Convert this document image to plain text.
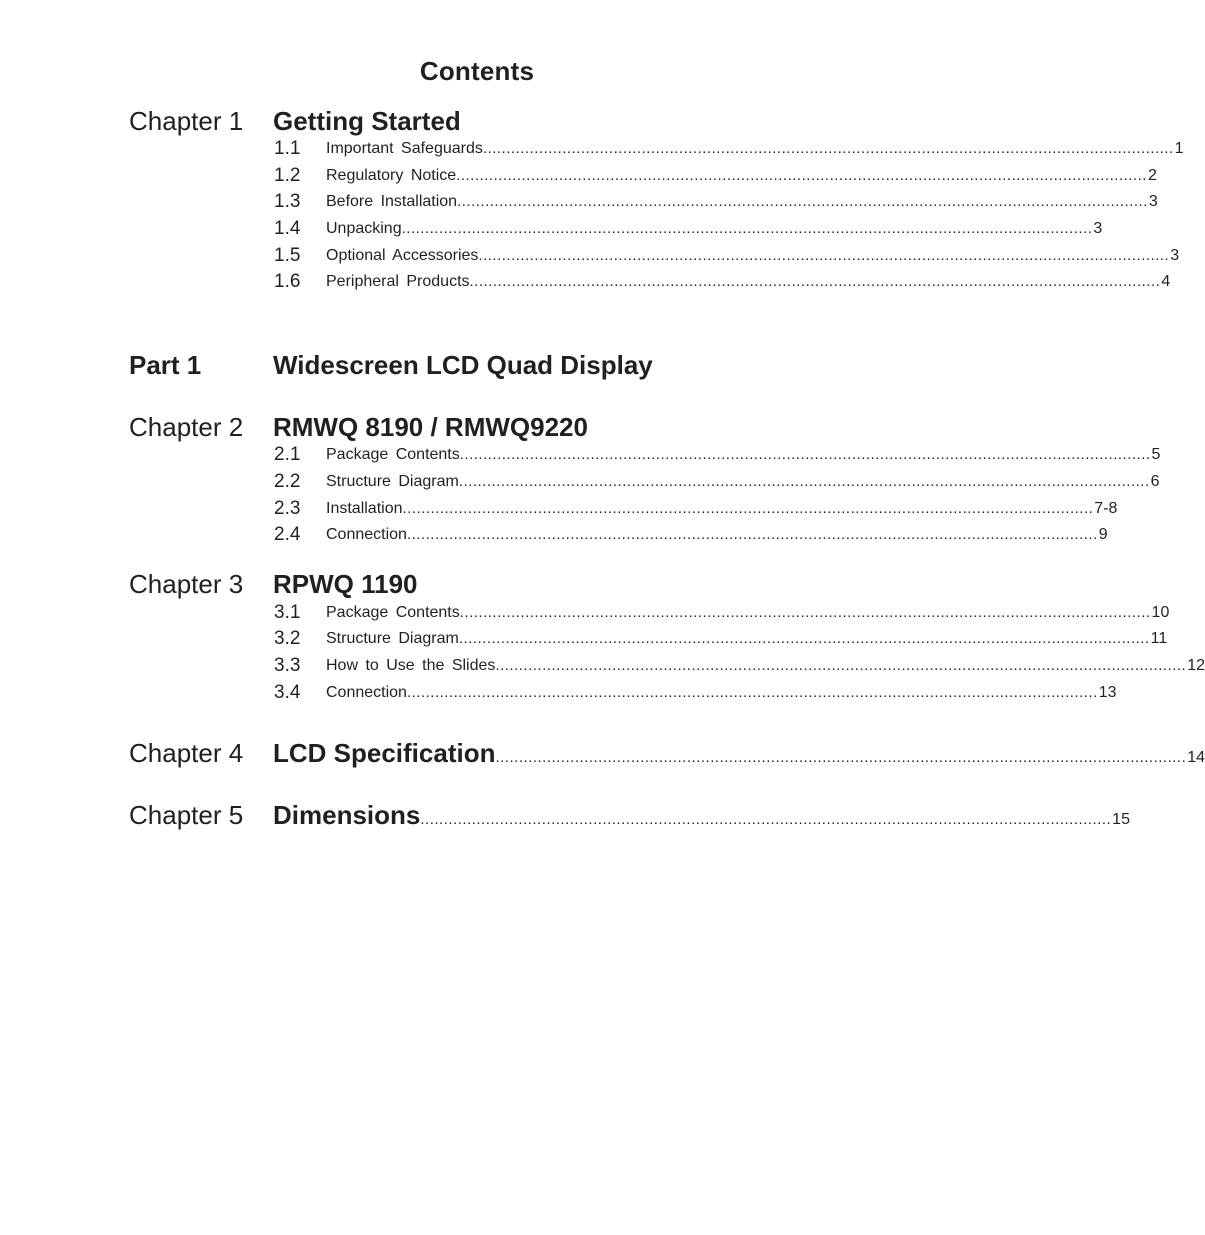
Contents
Chapter 1 Getting Started
1.1 Important Safeguards .................................................................................................................................................... 1
1.2 Regulatory Notice .................................................................................................................................................... 2
1.3 Before Installation .................................................................................................................................................... 3
1.4 Unpacking .................................................................................................................................................... 3
1.5 Optional Accessories .................................................................................................................................................... 3
1.6 Peripheral Products .................................................................................................................................................... 4
Part 1	Widescreen LCD Quad Display
Chapter 2 RMWQ 8190 / RMWQ9220
2.1 Package Contents .................................................................................................................................................... 5
2.2 Structure Diagram .................................................................................................................................................... 6
2.3 Installation .................................................................................................................................................... 7-8
2.4 Connection .................................................................................................................................................... 9
Chapter 3 RPWQ 1190
3.1 Package Contents .................................................................................................................................................... 10
3.2 Structure Diagram .................................................................................................................................................... 11
3.3 How to Use the Slides .................................................................................................................................................... 12
3.4 Connection .................................................................................................................................................... 13
Chapter 4 LCD Specification .................................................................................................................................................... 14
Chapter 5 Dimensions .................................................................................................................................................... 15
